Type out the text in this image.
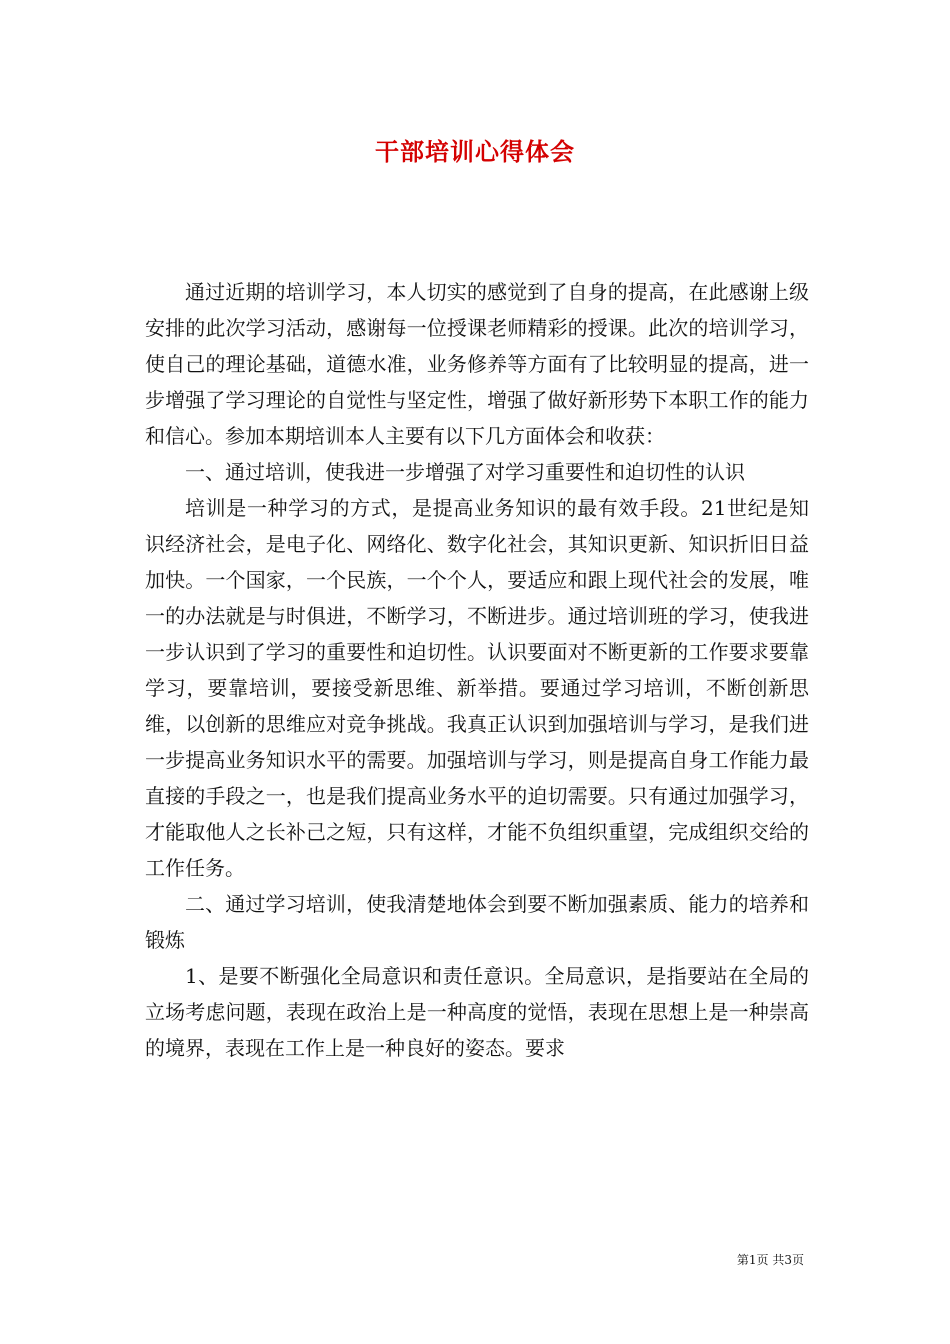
干部培训心得体会

通过近期的培训学习，本人切实的感觉到了自身的提高，在此感谢上级安排的此次学习活动，感谢每一位授课老师精彩的授课。此次的培训学习，使自己的理论基础，道德水准，业务修养等方面有了比较明显的提高，进一步增强了学习理论的自觉性与坚定性，增强了做好新形势下本职工作的能力和信心。参加本期培训本人主要有以下几方面体会和收获：

一、通过培训，使我进一步增强了对学习重要性和迫切性的认识

培训是一种学习的方式，是提高业务知识的最有效手段。21世纪是知识经济社会，是电子化、网络化、数字化社会，其知识更新、知识折旧日益加快。一个国家，一个民族，一个个人，要适应和跟上现代社会的发展，唯一的办法就是与时俱进，不断学习，不断进步。通过培训班的学习，使我进一步认识到了学习的重要性和迫切性。认识要面对不断更新的工作要求要靠学习，要靠培训，要接受新思维、新举措。要通过学习培训，不断创新思维，以创新的思维应对竞争挑战。我真正认识到加强培训与学习，是我们进一步提高业务知识水平的需要。加强培训与学习，则是提高自身工作能力最直接的手段之一，也是我们提高业务水平的迫切需要。只有通过加强学习，才能取他人之长补己之短，只有这样，才能不负组织重望，完成组织交给的工作任务。

二、通过学习培训，使我清楚地体会到要不断加强素质、能力的培养和锻炼

1、是要不断强化全局意识和责任意识。全局意识，是指要站在全局的立场考虑问题，表现在政治上是一种高度的觉悟，表现在思想上是一种崇高的境界，表现在工作上是一种良好的姿态。要求

第1页 共3页
